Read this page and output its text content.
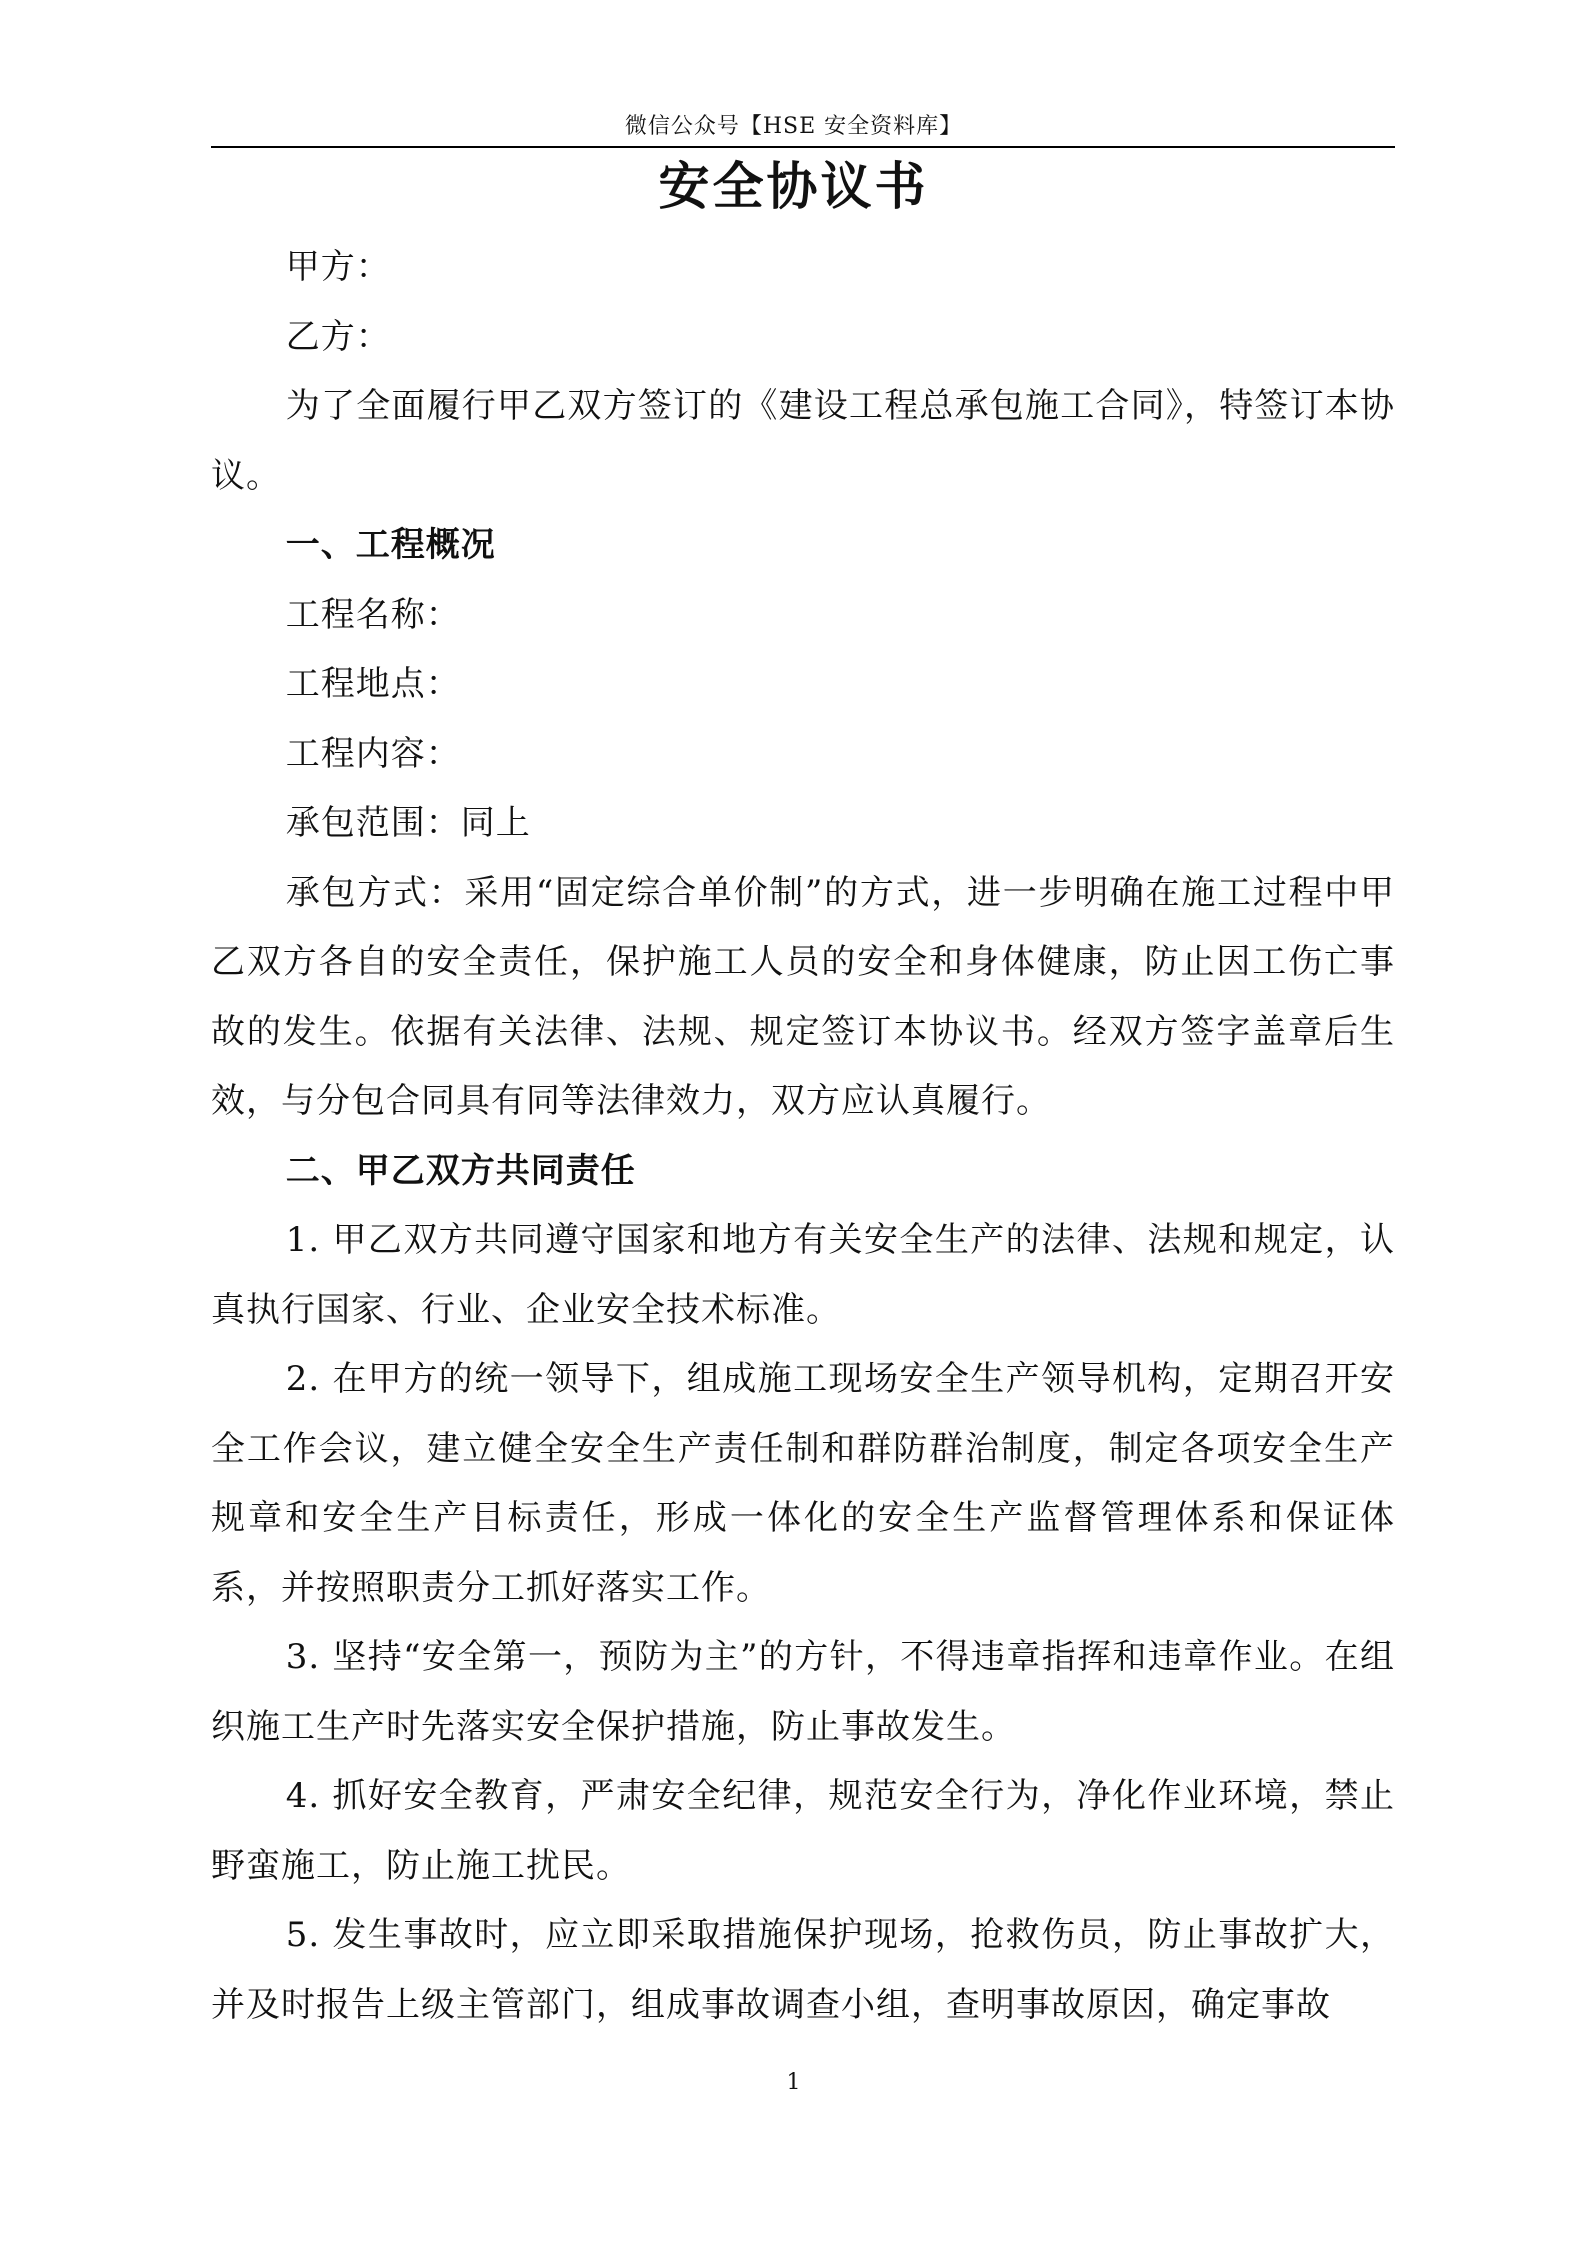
微信公众号【HSE 安全资料库】
安全协议书

甲方：

乙方：

为了全面履行甲乙双方签订的《建设工程总承包施工合同》，特签订本协议。

一、工程概况

工程名称：

工程地点：

工程内容：

承包范围：同上

承包方式：采用“固定综合单价制”的方式，进一步明确在施工过程中甲乙双方各自的安全责任，保护施工人员的安全和身体健康，防止因工伤亡事故的发生。依据有关法律、法规、规定签订本协议书。经双方签字盖章后生效，与分包合同具有同等法律效力，双方应认真履行。

二、甲乙双方共同责任

1. 甲乙双方共同遵守国家和地方有关安全生产的法律、法规和规定，认真执行国家、行业、企业安全技术标准。

2. 在甲方的统一领导下，组成施工现场安全生产领导机构，定期召开安全工作会议，建立健全安全生产责任制和群防群治制度，制定各项安全生产规章和安全生产目标责任，形成一体化的安全生产监督管理体系和保证体系，并按照职责分工抓好落实工作。

3. 坚持“安全第一，预防为主”的方针，不得违章指挥和违章作业。在组织施工生产时先落实安全保护措施，防止事故发生。

4. 抓好安全教育，严肃安全纪律，规范安全行为，净化作业环境，禁止野蛮施工，防止施工扰民。

5. 发生事故时，应立即采取措施保护现场，抢救伤员，防止事故扩大，并及时报告上级主管部门，组成事故调查小组，查明事故原因，确定事故

1
